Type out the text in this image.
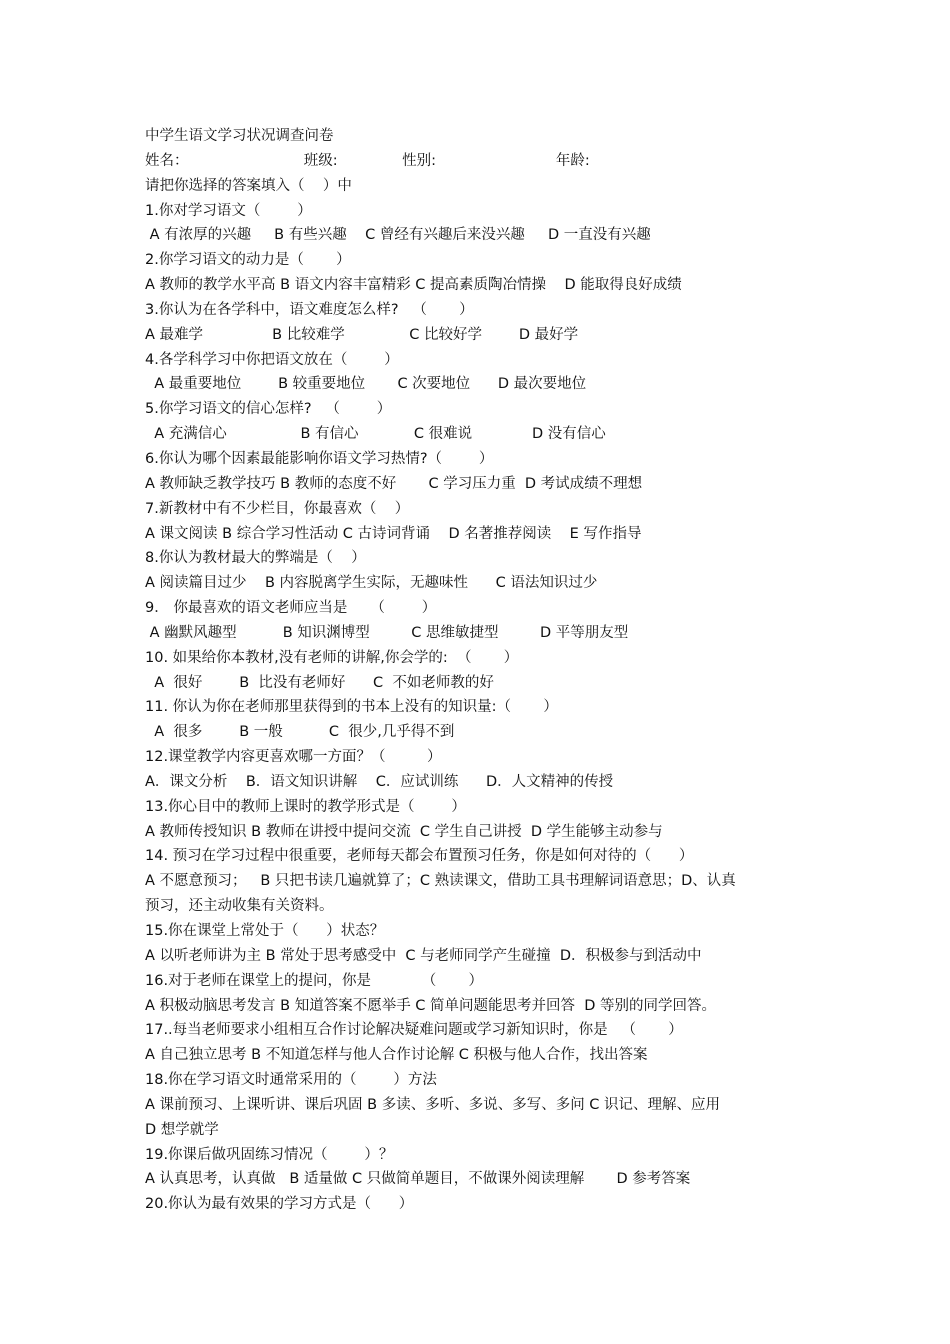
中学生语文学习状况调查问卷
姓名：                         班级:              性别:                          年龄:
请把你选择的答案填入（    ）中
1.你对学习语文（        ）
A 有浓厚的兴趣     B 有些兴趣    C 曾经有兴趣后来没兴趣     D 一直没有兴趣
2.你学习语文的动力是（       ）
A 教师的教学水平高 B 语文内容丰富精彩 C 提高素质陶冶情操    D 能取得良好成绩
3.你认为在各学科中，语文难度怎么样?   （       ）
A 最难学               B 比较难学              C 比较好学        D 最好学
4.各学科学习中你把语文放在（        ）
A 最重要地位        B 较重要地位       C 次要地位      D 最次要地位
5.你学习语文的信心怎样?   （        ）
A 充满信心                B 有信心            C 很难说             D 没有信心
6.你认为哪个因素最能影响你语文学习热情?（        ）
A 教师缺乏教学技巧 B 教师的态度不好       C 学习压力重  D 考试成绩不理想
7.新教材中有不少栏目，你最喜欢（    ）
A 课文阅读 B 综合学习性活动 C 古诗词背诵    D 名著推荐阅读    E 写作指导
8.你认为教材最大的弊端是（    ）
A 阅读篇目过少    B 内容脱离学生实际，无趣味性      C 语法知识过少
9． 你最喜欢的语文老师应当是     （        ）
A 幽默风趣型          B 知识渊博型         C 思维敏捷型         D 平等朋友型
10. 如果给你本教材,没有老师的讲解,你会学的:  （       ）
A  很好        B  比没有老师好      C  不如老师教的好
11. 你认为你在老师那里获得到的书本上没有的知识量:（       ）
A  很多        B 一般          C  很少,几乎得不到
12.课堂教学内容更喜欢哪一方面？（         ）
A．课文分析    B．语文知识讲解    C．应试训练      D．人文精神的传授
13.你心目中的教师上课时的教学形式是（        ）
A 教师传授知识 B 教师在讲授中提问交流  C 学生自己讲授  D 学生能够主动参与
14. 预习在学习过程中很重要，老师每天都会布置预习任务，你是如何对待的（      ）
A 不愿意预习；   B 只把书读几遍就算了；C 熟读课文，借助工具书理解词语意思；D、认真
预习，还主动收集有关资料。
15.你在课堂上常处于（      ）状态？
A 以听老师讲为主 B 常处于思考感受中  C 与老师同学产生碰撞  D．积极参与到活动中
16.对于老师在课堂上的提问，你是           （       ）
A 积极动脑思考发言 B 知道答案不愿举手 C 简单问题能思考并回答  D 等别的同学回答。
17..每当老师要求小组相互合作讨论解决疑难问题或学习新知识时，你是   （       ）
A 自己独立思考 B 不知道怎样与他人合作讨论解 C 积极与他人合作，找出答案
18.你在学习语文时通常采用的（        ）方法
A 课前预习、上课听讲、课后巩固 B 多读、多听、多说、多写、多问 C 识记、理解、应用
D 想学就学
19.你课后做巩固练习情况（        ）？
A 认真思考，认真做   B 适量做 C 只做简单题目，不做课外阅读理解       D 参考答案
20.你认为最有效果的学习方式是（      ）
